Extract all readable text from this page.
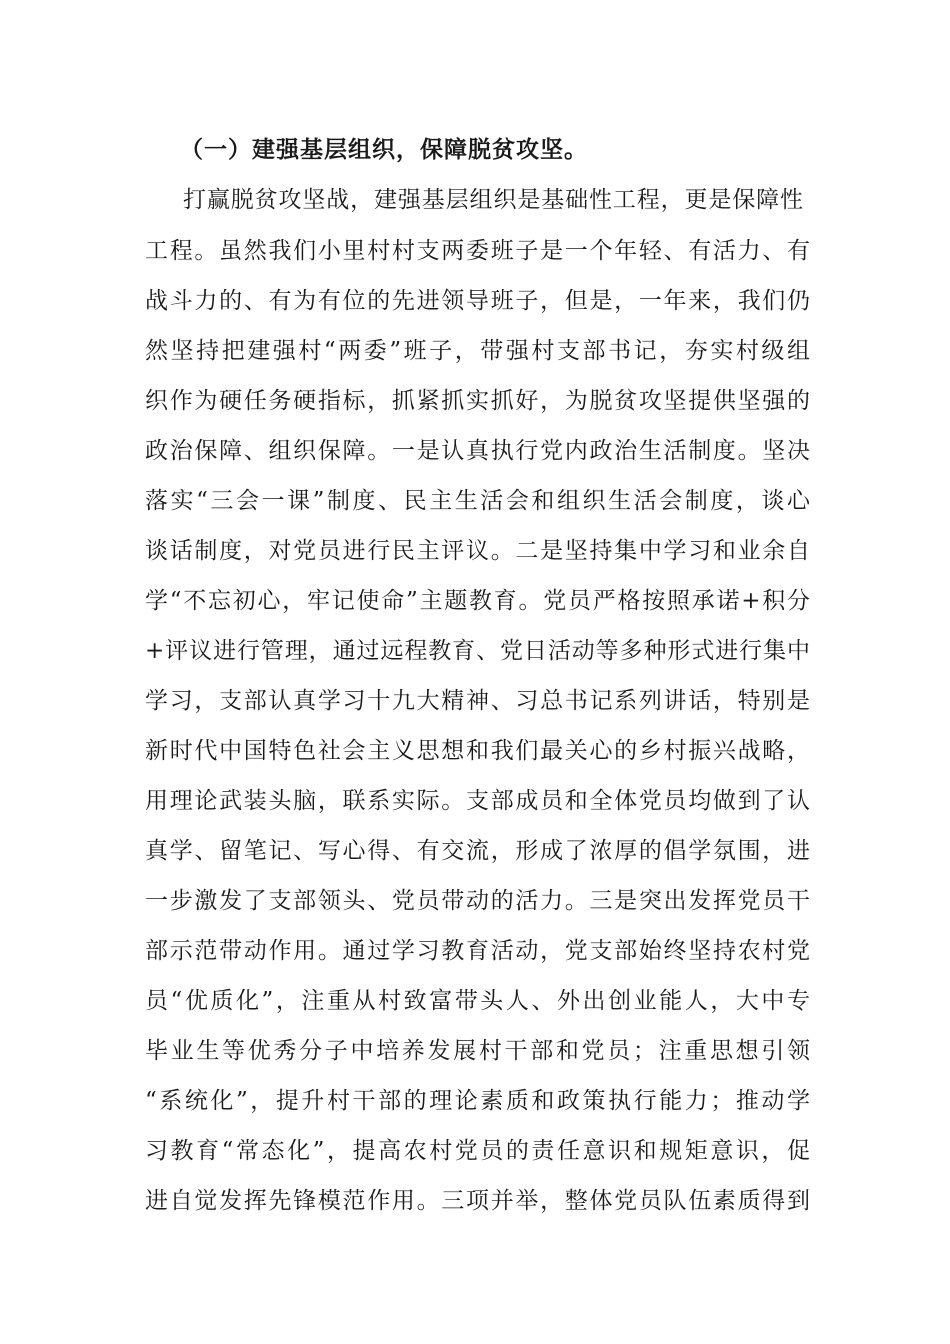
（一）建强基层组织，保障脱贫攻坚。
打赢脱贫攻坚战，建强基层组织是基础性工程，更是保障性
工程。虽然我们小里村村支两委班子是一个年轻、有活力、有
战斗力的、有为有位的先进领导班子，但是，一年来，我们仍
然坚持把建强村“两委”班子，带强村支部书记，夯实村级组
织作为硬任务硬指标，抓紧抓实抓好，为脱贫攻坚提供坚强的
政治保障、组织保障。一是认真执行党内政治生活制度。坚决
落实“三会一课”制度、民主生活会和组织生活会制度，谈心
谈话制度，对党员进行民主评议。二是坚持集中学习和业余自
学“不忘初心，牢记使命”主题教育。党员严格按照承诺+积分
+评议进行管理，通过远程教育、党日活动等多种形式进行集中
学习，支部认真学习十九大精神、习总书记系列讲话，特别是
新时代中国特色社会主义思想和我们最关心的乡村振兴战略，
用理论武装头脑，联系实际。支部成员和全体党员均做到了认
真学、留笔记、写心得、有交流，形成了浓厚的倡学氛围，进
一步激发了支部领头、党员带动的活力。三是突出发挥党员干
部示范带动作用。通过学习教育活动，党支部始终坚持农村党
员“优质化”，注重从村致富带头人、外出创业能人，大中专
毕业生等优秀分子中培养发展村干部和党员；注重思想引领
“系统化”，提升村干部的理论素质和政策执行能力；推动学
习教育“常态化”，提高农村党员的责任意识和规矩意识，促
进自觉发挥先锋模范作用。三项并举，整体党员队伍素质得到
